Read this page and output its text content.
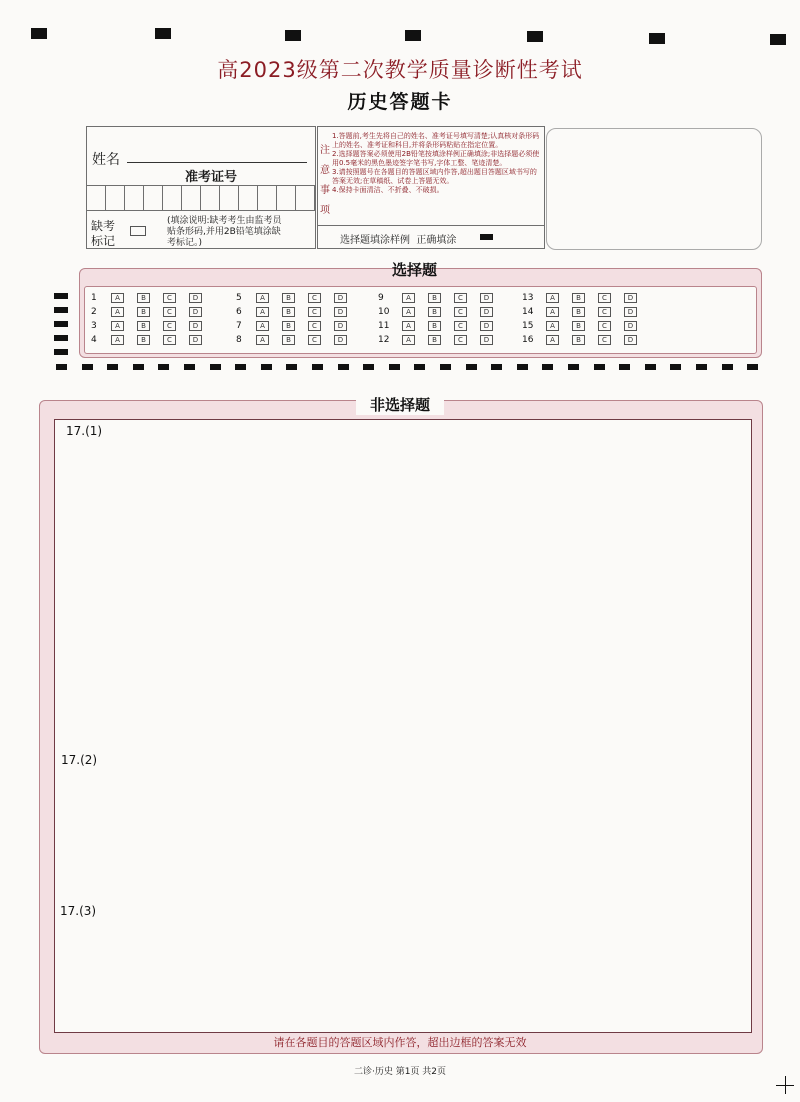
高2023级第二次教学质量诊断性考试
历史答题卡
姓名
准考证号
缺考
标记
(填涂说明:缺考考生由监考员贴条形码,并用2B铅笔填涂缺考标记。)
注
意
事
项
1.答题前,考生先将自己的姓名、准考证号填写清楚;认真核对条形码上的姓名、准考证和科目,并将条形码粘贴在指定位置。
2.选择题答案必须使用2B铅笔按填涂样例正确填涂;非选择题必须使用0.5毫米的黑色墨迹签字笔书写,字体工整、笔迹清楚。
3.请按照题号在各题目的答题区域内作答,超出题目答题区域书写的答案无效;在草稿纸、试卷上答题无效。
4.保持卡面清洁、不折叠、不破损。
选择题填涂样例 正确填涂
选择题
1	A	B	C	D
2	A	B	C	D
3	A	B	C	D
4	A	B	C	D
5	A	B	C	D
6	A	B	C	D
7	A	B	C	D
8	A	B	C	D
9	A	B	C	D
10 A	B	C	D
11 A	B	C	D
12 A	B	C	D
13 A	B	C	D
14 A	B	C	D
15 A	B	C	D
16 A	B	C	D
非选择题
17.(1)
17.(2)
17.(3)
请在各题目的答题区域内作答，超出边框的答案无效
二诊·历史 第1页 共2页
